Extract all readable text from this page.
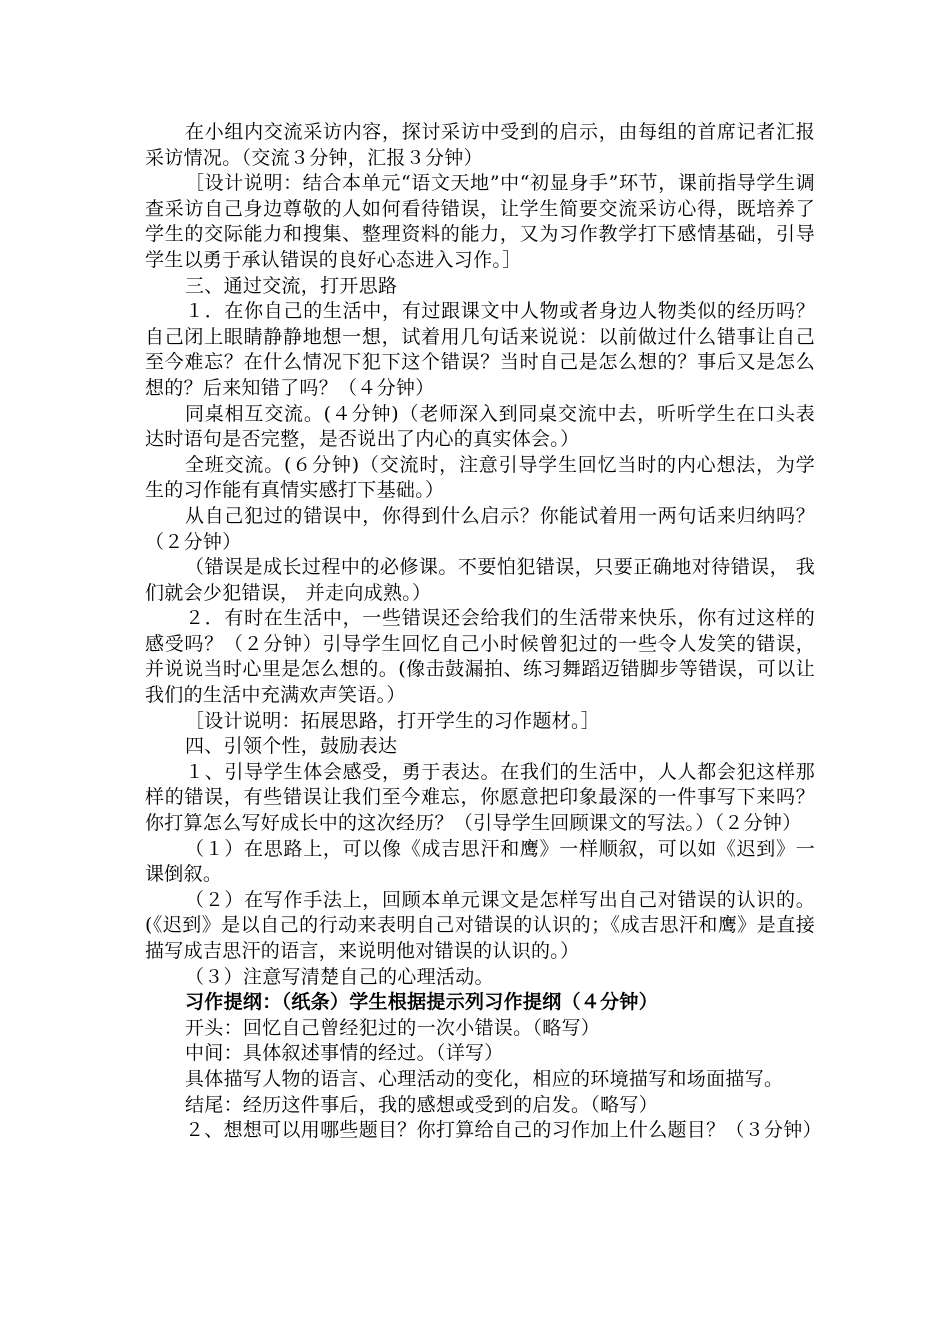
在小组内交流采访内容，探讨采访中受到的启示，由每组的首席记者汇报采访情况。（交流３分钟，汇报３分钟）

［设计说明：结合本单元“语文天地”中“初显身手”环节，课前指导学生调查采访自己身边尊敬的人如何看待错误，让学生简要交流采访心得，既培养了学生的交际能力和搜集、整理资料的能力，又为习作教学打下感情基础，引导学生以勇于承认错误的良好心态进入习作。］

三、通过交流，打开思路

１．在你自己的生活中，有过跟课文中人物或者身边人物类似的经历吗？自己闭上眼睛静静地想一想，试着用几句话来说说：以前做过什么错事让自己至今难忘？在什么情况下犯下这个错误？当时自己是怎么想的？事后又是怎么想的？后来知错了吗？（４分钟）

同桌相互交流。(４分钟)（老师深入到同桌交流中去，听听学生在口头表达时语句是否完整，是否说出了内心的真实体会。）

全班交流。(６分钟)（交流时，注意引导学生回忆当时的内心想法，为学生的习作能有真情实感打下基础。）

从自己犯过的错误中，你得到什么启示？你能试着用一两句话来归纳吗？（２分钟）

（错误是成长过程中的必修课。不要怕犯错误，只要正确地对待错误， 我们就会少犯错误， 并走向成熟。）

２．有时在生活中，一些错误还会给我们的生活带来快乐，你有过这样的感受吗？（２分钟）引导学生回忆自己小时候曾犯过的一些令人发笑的错误，并说说当时心里是怎么想的。(像击鼓漏拍、练习舞蹈迈错脚步等错误，可以让我们的生活中充满欢声笑语。）

［设计说明：拓展思路，打开学生的习作题材。］

四、引领个性，鼓励表达

１、引导学生体会感受，勇于表达。在我们的生活中，人人都会犯这样那样的错误，有些错误让我们至今难忘，你愿意把印象最深的一件事写下来吗？你打算怎么写好成长中的这次经历？（引导学生回顾课文的写法。）（２分钟）

（１）在思路上，可以像《成吉思汗和鹰》一样顺叙，可以如《迟到》一课倒叙。

（２）在写作手法上，回顾本单元课文是怎样写出自己对错误的认识的。(《迟到》是以自己的行动来表明自己对错误的认识的；《成吉思汗和鹰》是直接描写成吉思汗的语言，来说明他对错误的认识的。）

（３）注意写清楚自己的心理活动。

习作提纲：（纸条）学生根据提示列习作提纲（４分钟）

开头：回忆自己曾经犯过的一次小错误。（略写）

中间：具体叙述事情的经过。（详写）

具体描写人物的语言、心理活动的变化，相应的环境描写和场面描写。

结尾：经历这件事后，我的感想或受到的启发。（略写）

２、想想可以用哪些题目？你打算给自己的习作加上什么题目？（３分钟）
